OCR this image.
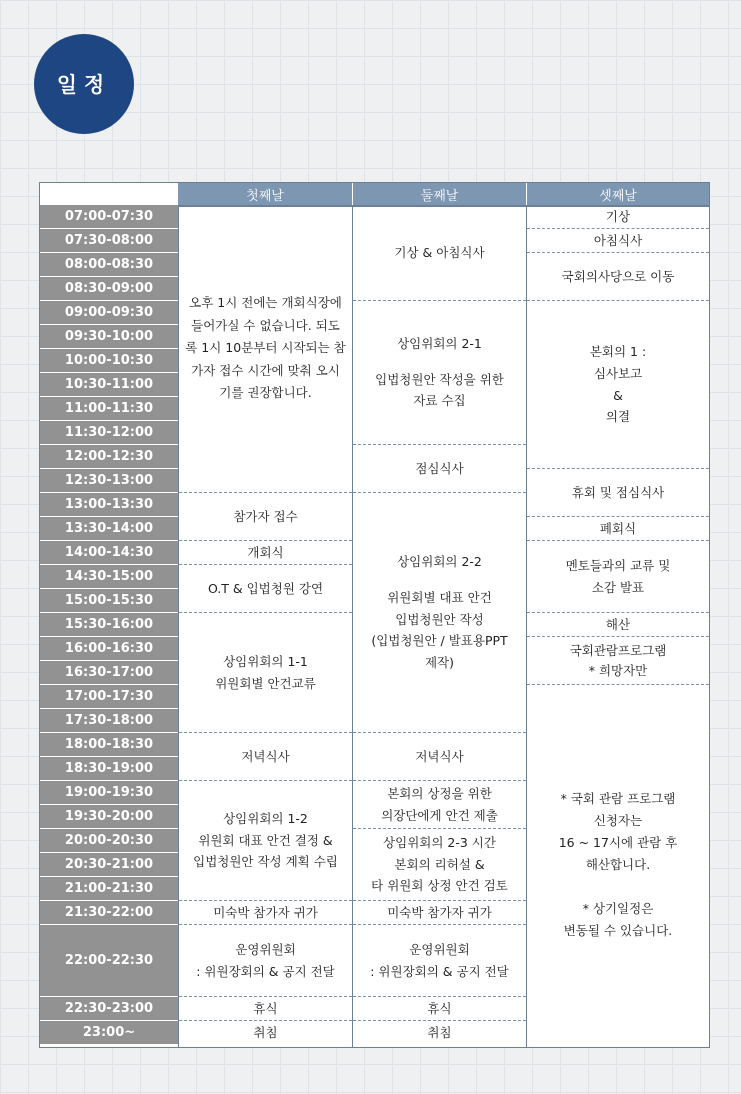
일정
첫째날	둘째날	셋째날
07:00-07:30
07:30-08:00
08:00-08:30
08:30-09:00
09:00-09:30
09:30-10:00
10:00-10:30
10:30-11:00
11:00-11:30
11:30-12:00
12:00-12:30
12:30-13:00
13:00-13:30
13:30-14:00
14:00-14:30
14:30-15:00
15:00-15:30
15:30-16:00
16:00-16:30
16:30-17:00
17:00-17:30
17:30-18:00
18:00-18:30
18:30-19:00
19:00-19:30
19:30-20:00
20:00-20:30
20:30-21:00
21:00-21:30
21:30-22:00
22:00-22:30
22:30-23:00
23:00~
오후 1시 전에는 개회식장에
들어가실 수 없습니다. 되도
록 1시 10분부터 시작되는 참
가자 접수 시간에 맞춰 오시
기를 권장합니다.
참가자 접수
개회식
O.T & 입법청원 강연
상임위회의 1-1
위원회별 안건교류
저녁식사
상임위회의 1-2
위원회 대표 안건 결정 &
입법청원안 작성 계획 수립
미숙박 참가자 귀가
운영위원회
: 위원장회의 & 공지 전달
휴식
취침
기상 & 아침식사
상임위회의 2-1
입법청원안 작성을 위한
자료 수집
점심식사
상임위회의 2-2
위원회별 대표 안건
입법청원안 작성
(입법청원안 / 발표용PPT
제작)
저녁식사
본회의 상정을 위한
의장단에게 안건 제출
상임위회의 2-3 시간
본회의 리허설 &
타 위원회 상정 안건 검토
미숙박 참가자 귀가
운영위원회
: 위원장회의 & 공지 전달
휴식
취침
기상
아침식사
국회의사당으로 이동
본회의 1 :
심사보고
&
의결
휴회 및 점심식사
폐회식
멘토들과의 교류 및
소감 발표
해산
국회관람프로그램
* 희망자만
* 국회 관람 프로그램
신청자는
16 ~ 17시에 관람 후
해산합니다.
* 상기일정은
변동될 수 있습니다.
